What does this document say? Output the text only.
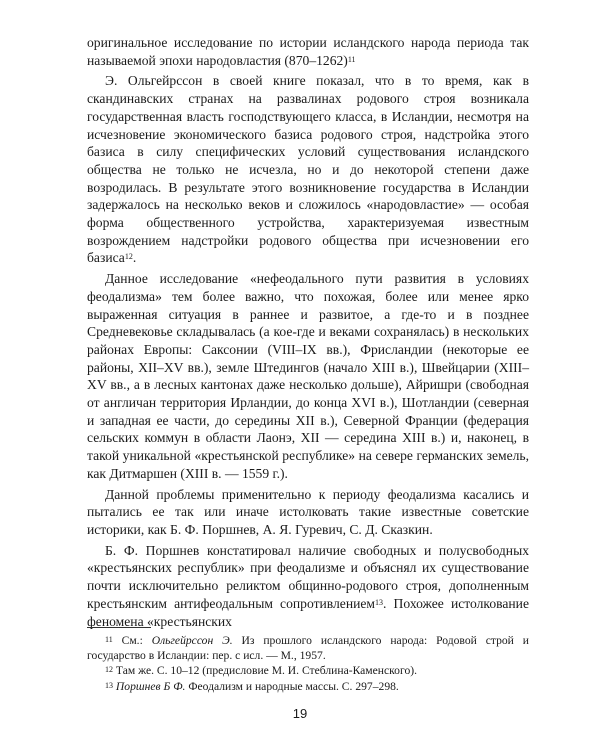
оригинальное исследование по истории исландского народа периода так называемой эпохи народовластия $(870-1262)^{11}$

Э. Ольгейрссон в своей книге показал, что в то время, как в скандинавских странах на развалинах родового строя возникала государственная власть господствующего класса, в Исландии, несмотря на исчезновение экономического базиса родового строя, надстройка этого базиса в силу специфических условий существования исландского общества не только не исчезла, но и до некоторой степени даже возродилась. В результате этого возникновение государства в Исландии задержалось на несколько веков и сложилось «народовластие» — особая форма общественного устройства, характеризуемая известным возрождением надстройки родового общества при исчезновении его базиса$^{12}$.

Данное исследование «нефеодального пути развития в условиях феодализма» тем более важно, что похожая, более или менее ярко выраженная ситуация в раннее и развитое, а где-то и в позднее Средневековье складывалась (а кое-где и веками сохранялась) в нескольких районах Европы: Саксонии (VIII–IX вв.), Фрисландии (некоторые ее районы, XII–XV вв.), земле Штедингов (начало XIII в.), Швейцарии (XIII–XV вв., а в лесных кантонах даже несколько дольше), Айришри (свободная от англичан территория Ирландии, до конца XVI в.), Шотландии (северная и западная ее части, до середины XII в.), Северной Франции (федерация сельских коммун в области Лаонэ, XII — середина XIII в.) и, наконец, в такой уникальной «крестьянской республике» на севере германских земель, как Дитмаршен (XIII в. — 1559 г.).

Данной проблемы применительно к периоду феодализма касались и пытались ее так или иначе истолковать такие известные советские историки, как Б. Ф. Поршнев, А. Я. Гуревич, С. Д. Сказкин.

Б. Ф. Поршнев констатировал наличие свободных и полусвободных «крестьянских республик» при феодализме и объяснял их существование почти исключительно реликтом общинно-родового строя, дополненным крестьянским антифеодальным сопротивлением$^{13}$. Похожее истолкование феномена «крестьянских

$^{11}$ См.: Ольгейрссон Э. Из прошлого исландского народа: Родовой строй и государство в Исландии: пер. с исл. — М., 1957.

$^{12}$ Там же. С. 10–12 (предисловие М. И. Стеблина-Каменского).

$^{13}$ Поршнев Б Ф. Феодализм и народные массы. С. 297–298.

19
